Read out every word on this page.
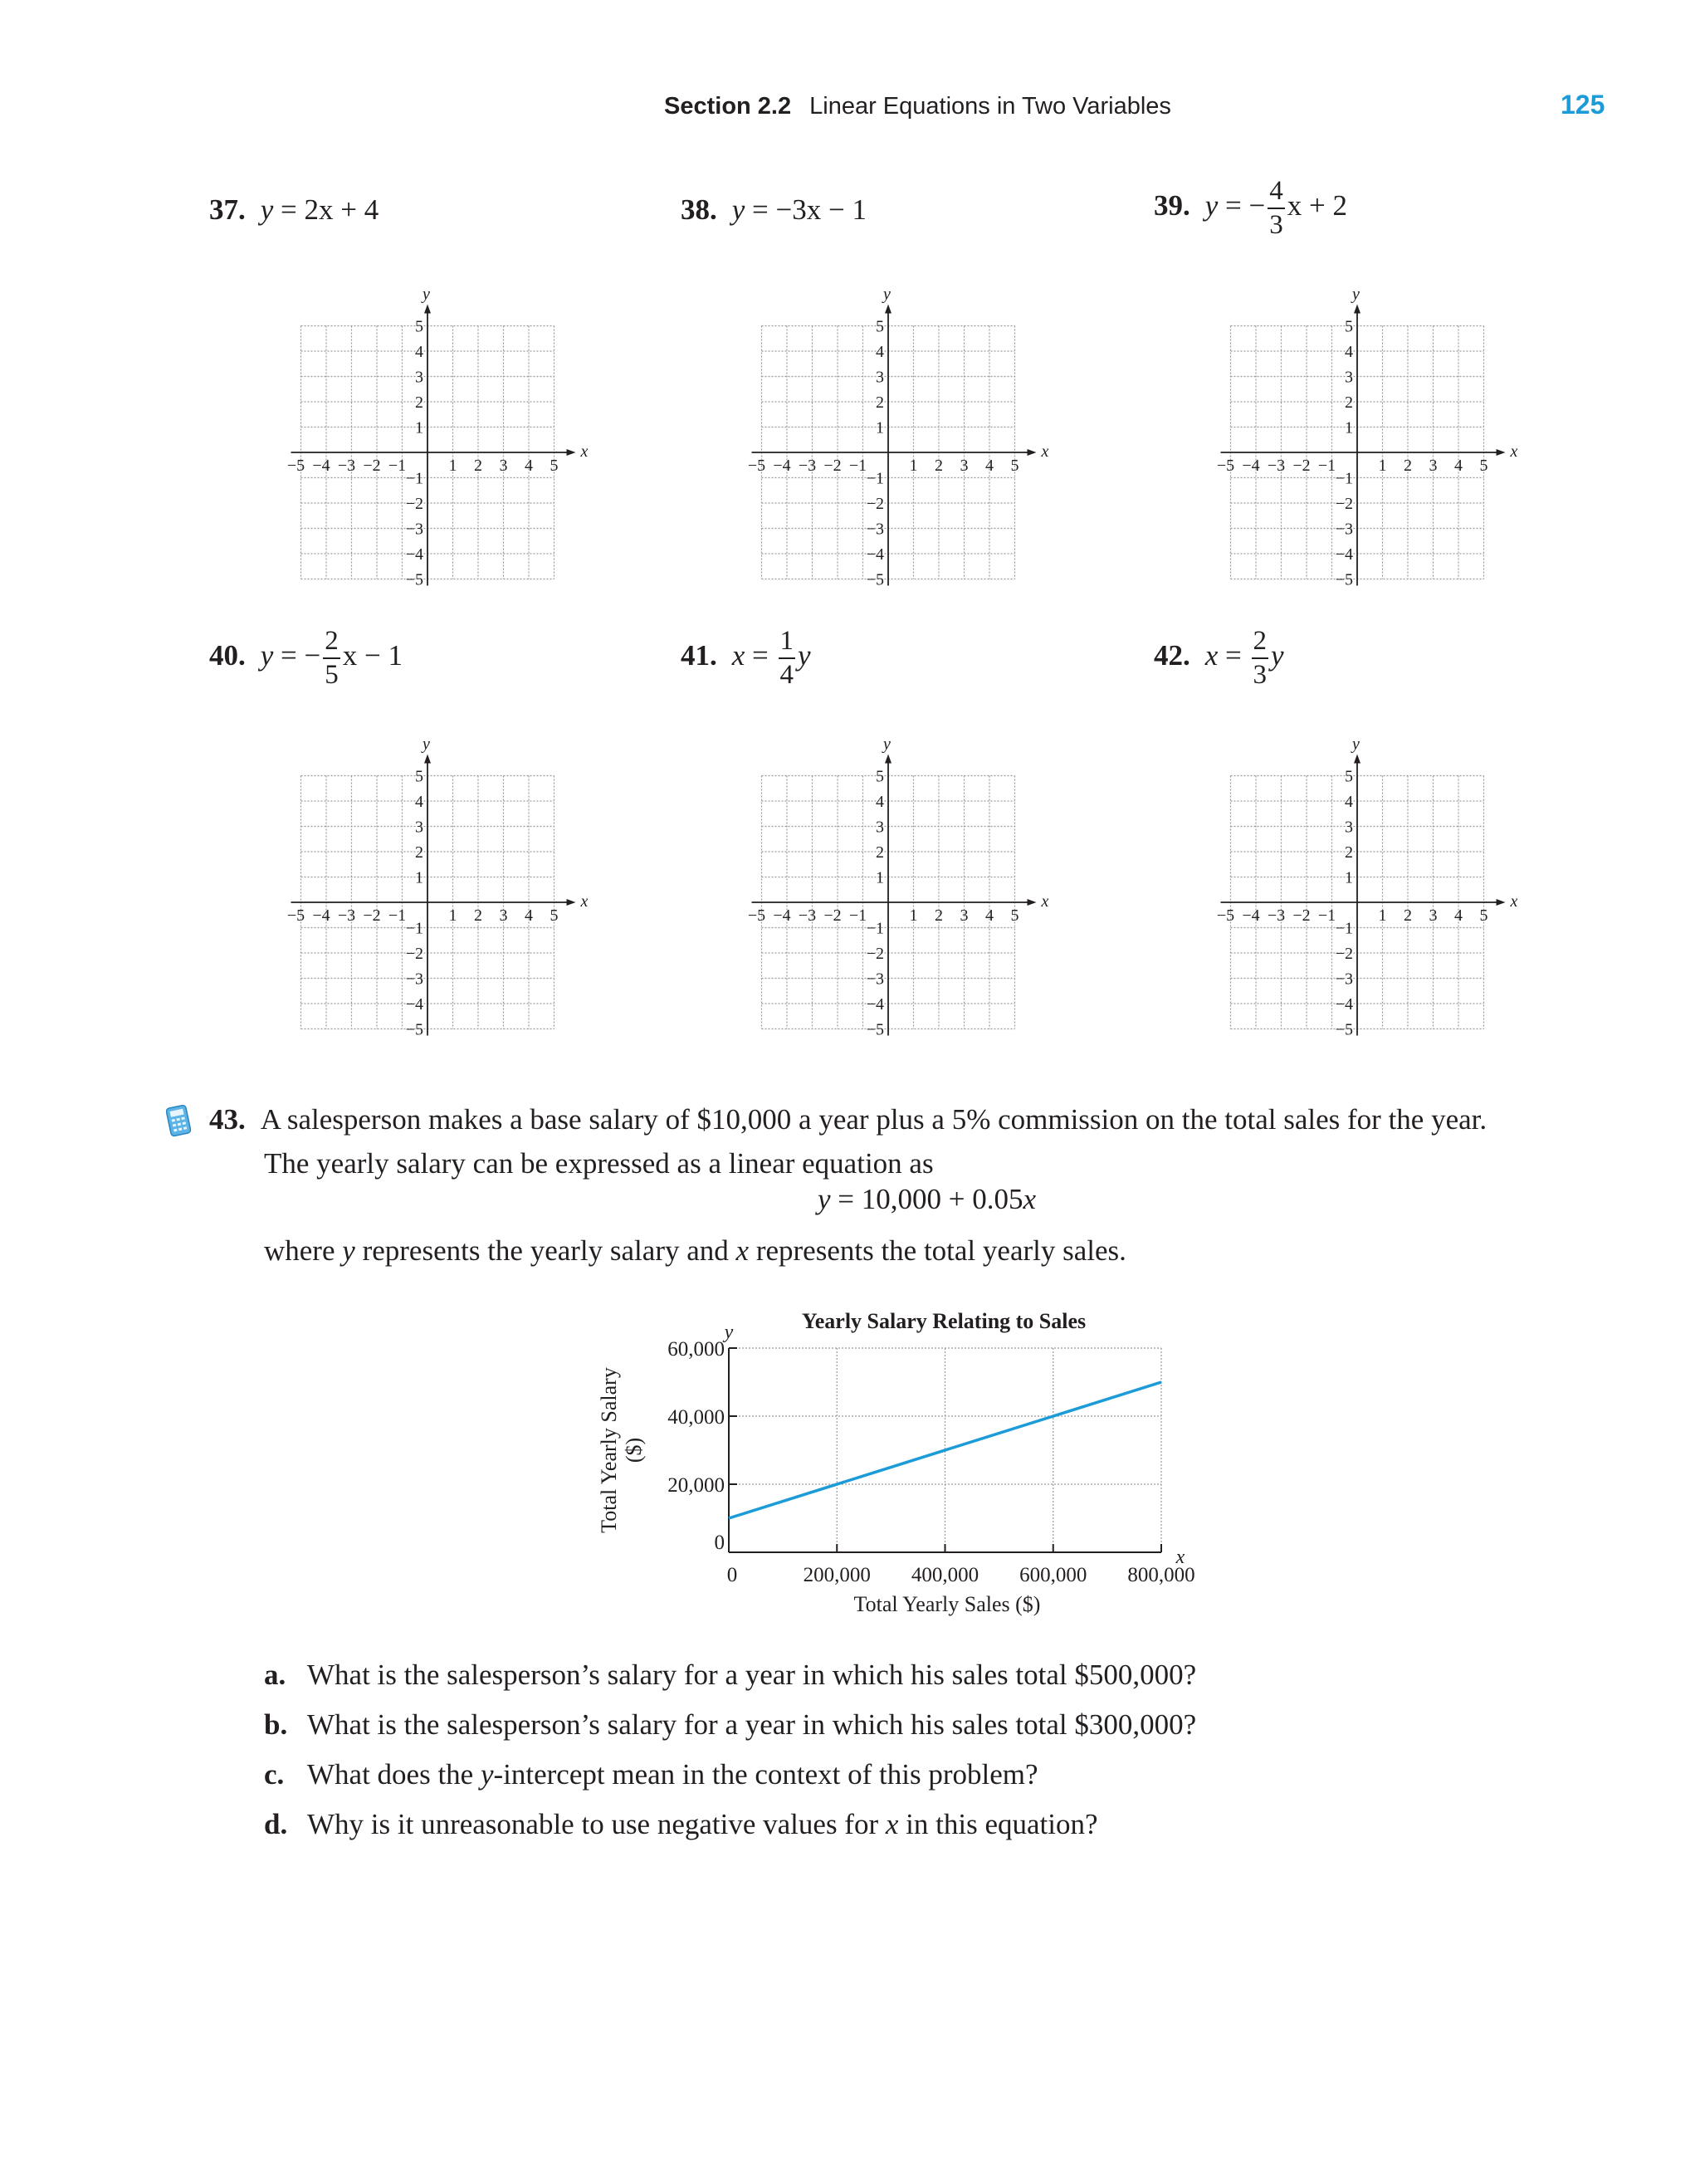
Section 2.2 Linear Equations in Two Variables	125
37. y = 2x + 4	38. y = −3x − 1	39. y = − $\frac{4}{3}$ x + 2
40. y = − $\frac{2}{5}$ x − 1	41. $x = \frac{1}{4}$ y	42. $x = \frac{2}{3}$ y
x
y
−5 −4 −3 −2 −1	1 2 3 4 5
5
4
3
2
1
−1
−2
−3
−4
−5
x
y
−5 −4 −3 −2 −1	1 2 3 4 5
5
4
3
2
1
−1
−2
−3
−4
−5
x
y
−5 −4 −3 −2 −1	1 2 3 4 5
5
4
3
2
1
−1
−2
−3
−4
−5
x
y
−5 −4 −3 −2 −1	1 2 3 4 5
5
4
3
2
1
−1
−2
−3
−4
−5
x
y
−5 −4 −3 −2 −1	1 2 3 4 5
5
4
3
2
1
−1
−2
−3
−4
−5
x
y
−5 −4 −3 −2 −1	1 2 3 4 5
5
4
3
2
1
−1
−2
−3
−4
−5
43. A salesperson makes a base salary of $10,000 a year plus a 5% commission on the total sales for the year.
The yearly salary can be expressed as a linear equation as
y = 10,000 + 0.05x
where y represents the yearly salary and x represents the total yearly sales.
Yearly Salary Relating to Sales
0	200,000 400,000 600,000 800,000
0
20,000
40,000
60,000
x
y
Total Yearly Sales ($)
Total Yearly Salary($)
a. What is the salesperson’s salary for a year in which his sales total $500,000?
b. What is the salesperson’s salary for a year in which his sales total $300,000?
c. What does the y-intercept mean in the context of this problem?
d. Why is it unreasonable to use negative values for x in this equation?
